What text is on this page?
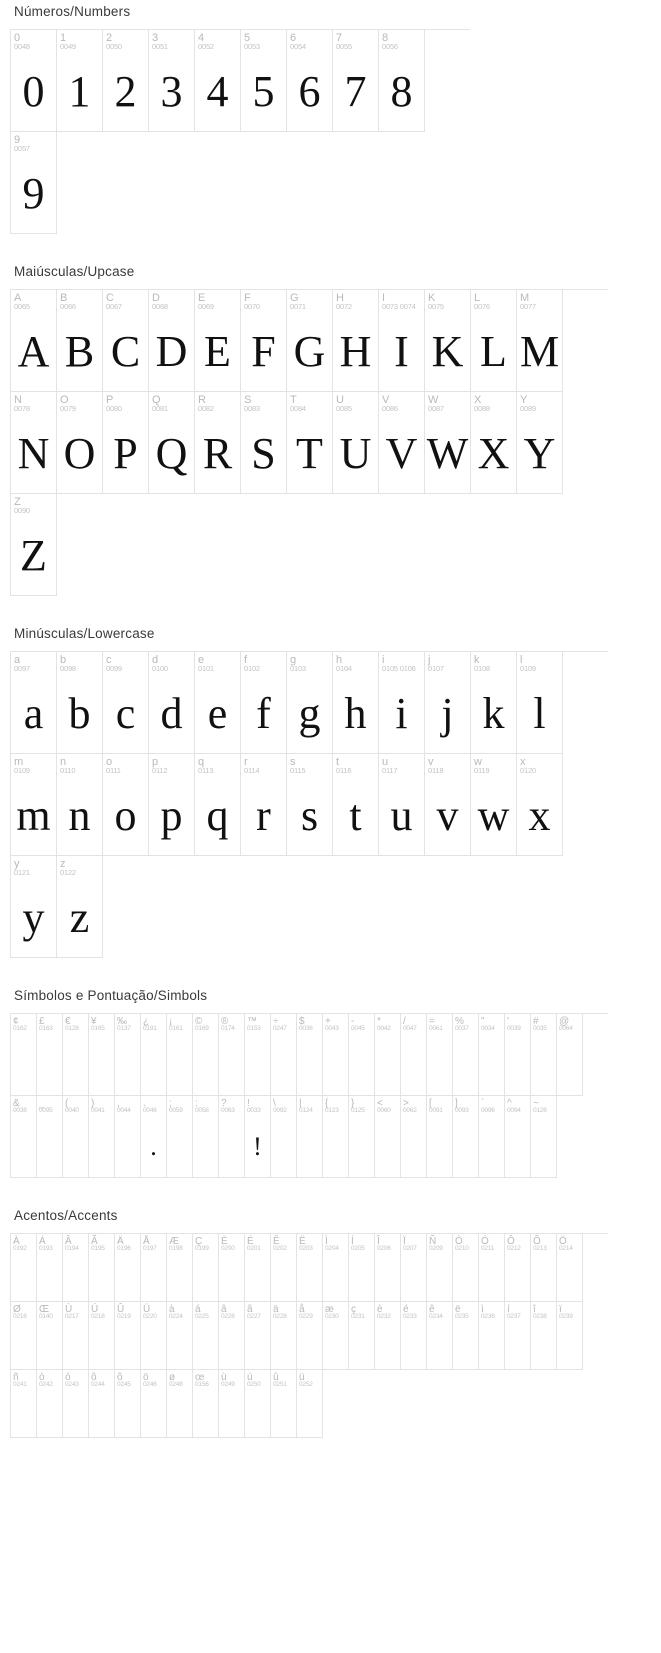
Números/Numbers
0
0048
0
1
0049
1
2
0050
2
3
0051
3
4
0052
4
5
0053
5
6
0054
6
7
0055
7
8
0056
8
9
0057
9
Maiúsculas/Upcase
A
0065
A
B
0066
B
C
0067
C
D
0068
D
E
0069
E
F
0070
F
G
0071
G
H
0072
H
I
0073 0074
I
K
0075
K
L
0076
L
M
0077
M
N
0078
N
O
0079
O
P
0080
P
Q
0081
Q
R
0082
R
S
0083
S
T
0084
T
U
0085
U
V
0086
V
W
0087
W
X
0088
X
Y
0089
Y
Z
0090
Z
Minúsculas/Lowercase
a
0097
a
b
0098
b
c
0099
c
d
0100
d
e
0101
e
f
0102
f
g
0103
g
h
0104
h
i
0105 0106
i
j
0107
j
k
0108
k
l
0109
l
m
0109
m
n
0110
n
o
0111
o
p
0112
p
q
0113
q
r
0114
r
s
0115
s
t
0116
t
u
0117
u
v
0118
v
w
0119
w
x
0120
x
y
0121
y
z
0122
z
Símbolos e Pontuação/Simbols
¢
0162
£
0163
€
0128
¥
0165
‰
0137
¿
0191
¡
0161
©
0169
®
0174
™
0153
÷
0247
$
0036
+
0043
-
0045
*
0042
/
0047
=
0061
%
0037
"
0034
'
0039
#
0035
@
0064
&
0038
_
0095
(
0040
)
0041
,
0044
.
0046
.
;
0059
:
0058
?
0063
!
0033
!
\
0092
|
0124
{
0123
}
0125
<
0060
>
0062
[
0091
]
0093
`
0096
^
0094
~
0126
Acentos/Accents
À
0192
Á
0193
Â
0194
Ã
0195
Ä
0196
Å
0197
Æ
0198
Ç
0199
È
0200
É
0201
Ê
0202
Ë
0203
Ì
0204
Í
0205
Î
0206
Ï
0207
Ñ
0209
Ò
0210
Ó
0211
Ô
0212
Õ
0213
Ö
0214
Ø
0216
Œ
0140
Ù
0217
Ú
0218
Û
0219
Ü
0220
à
0224
á
0225
â
0226
ã
0227
ä
0228
å
0229
æ
0230
ç
0231
è
0232
é
0233
ê
0234
ë
0235
ì
0236
í
0237
î
0238
ï
0239
ñ
0241
ò
0242
ó
0243
ô
0244
õ
0245
ö
0246
ø
0248
œ
0156
ù
0249
ú
0250
û
0251
ü
0252
